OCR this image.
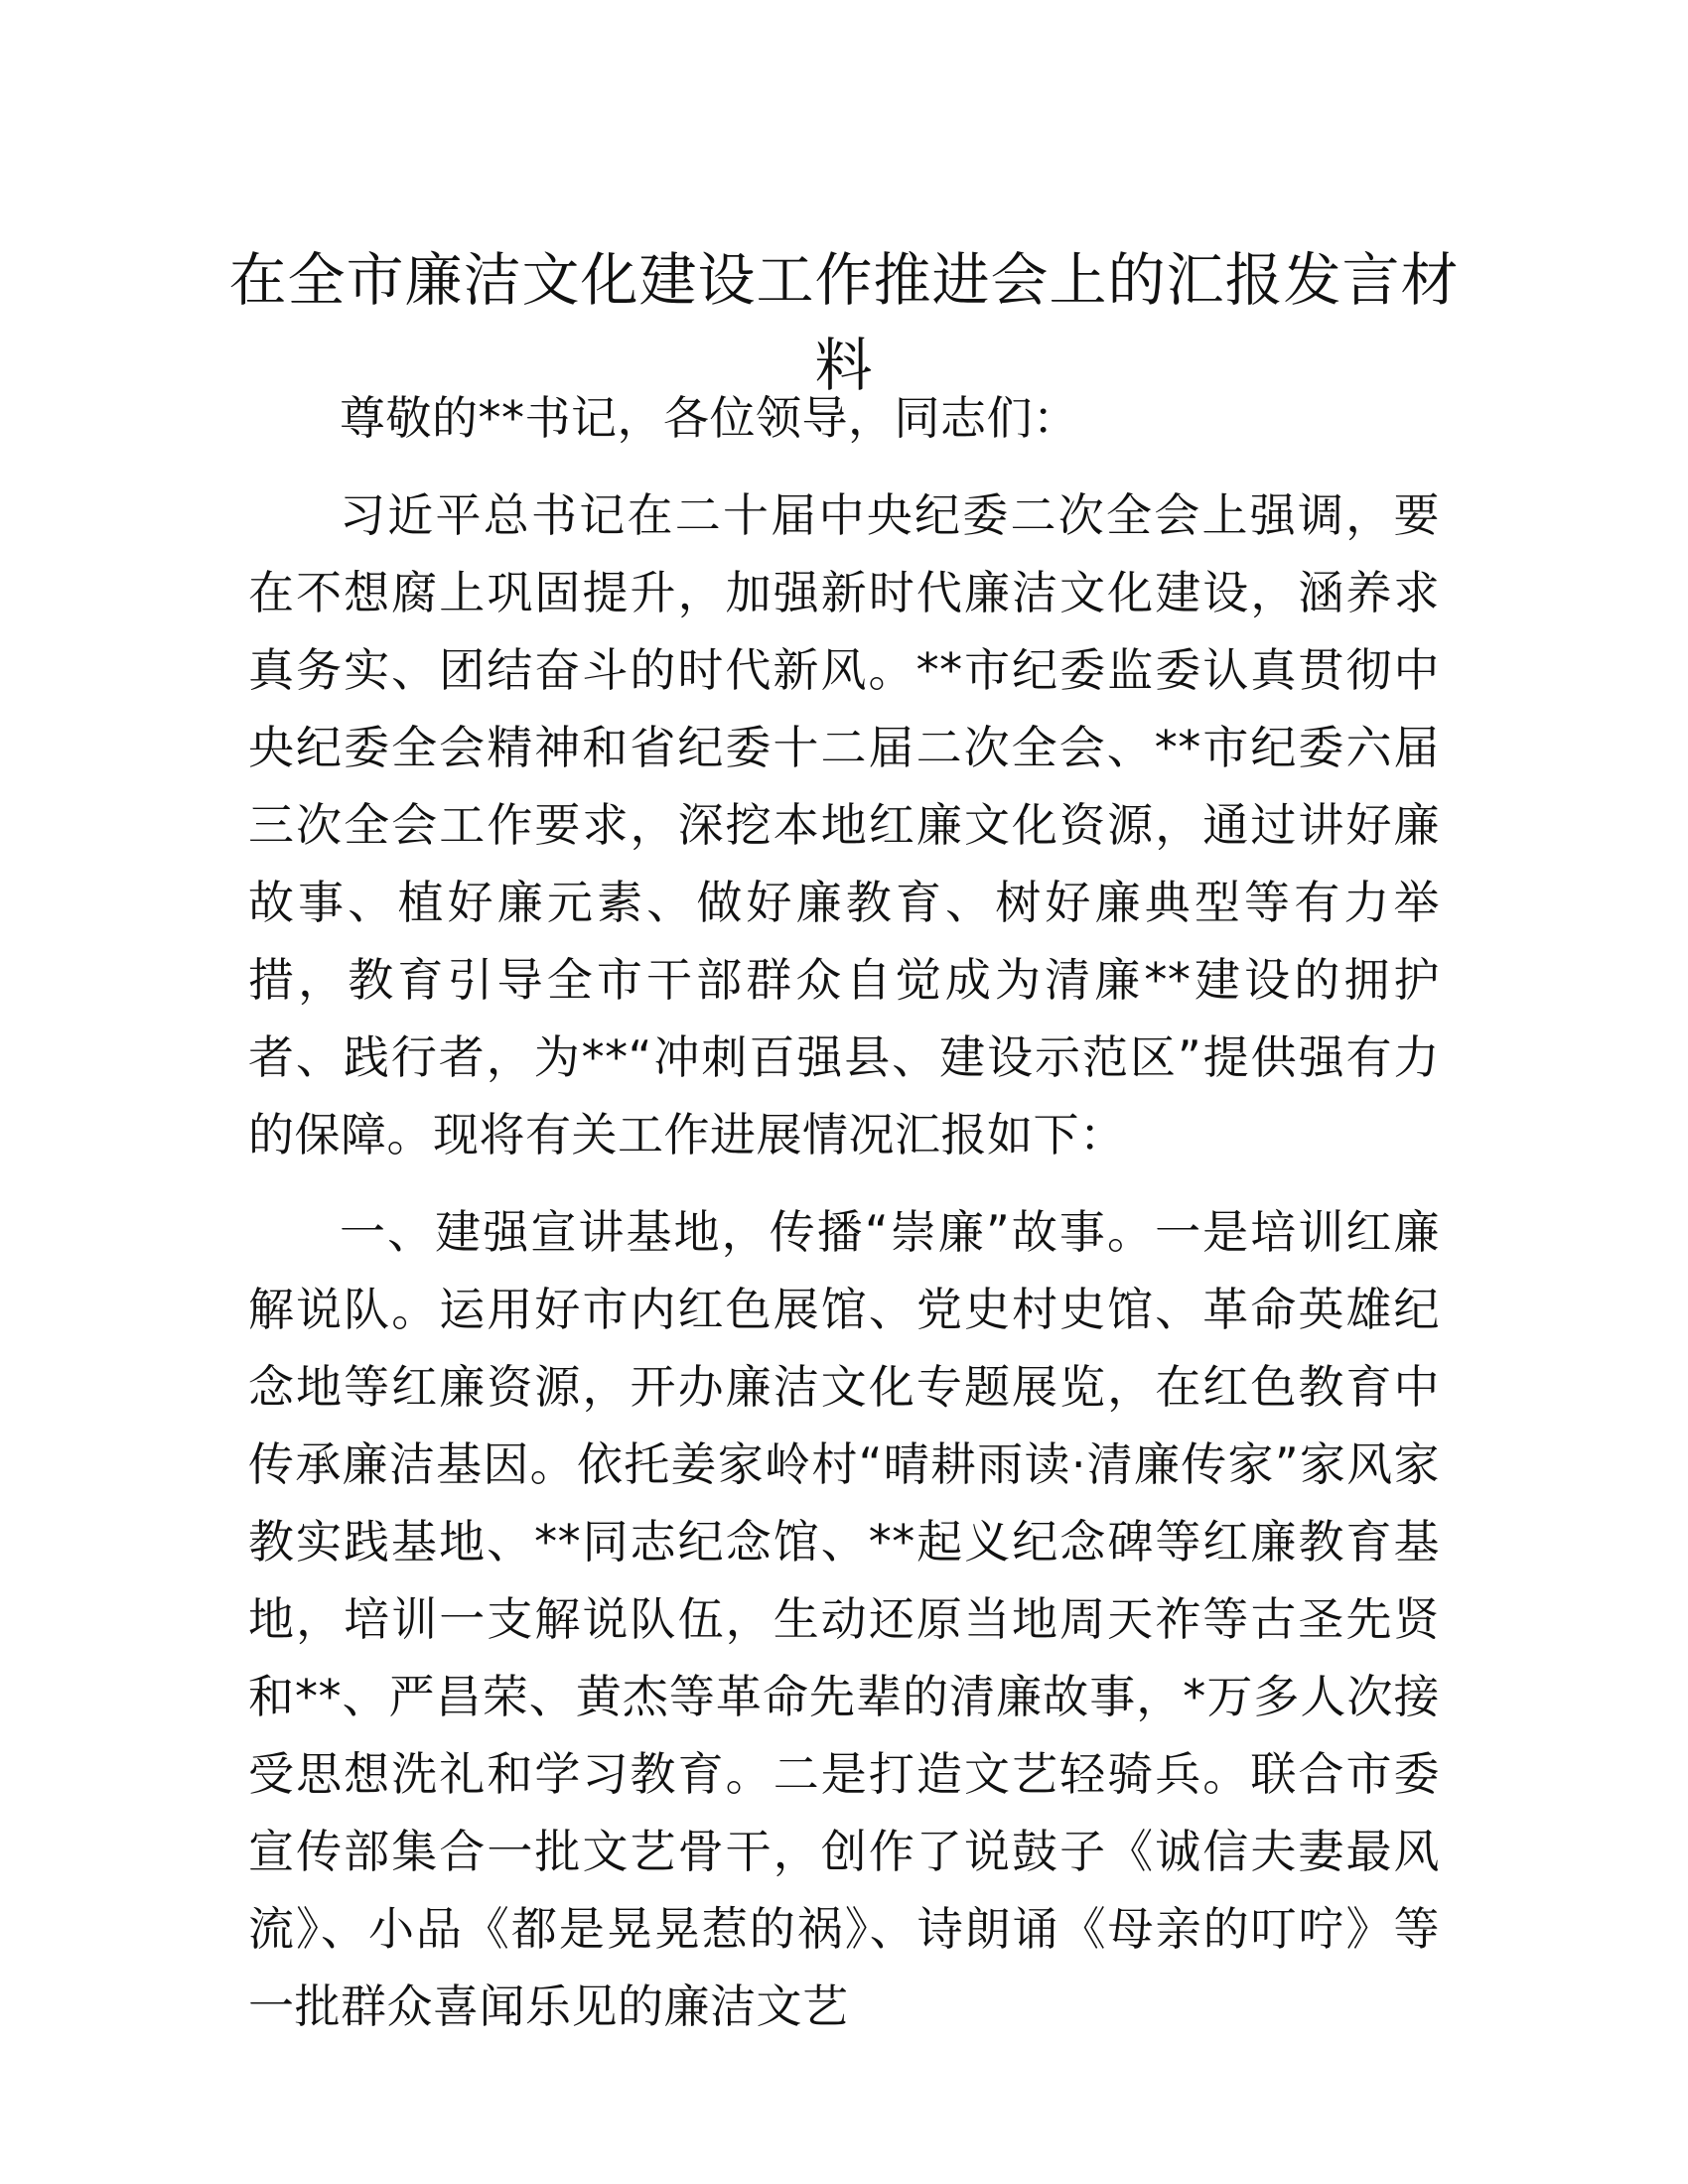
在全市廉洁文化建设工作推进会上的汇报发言材料

尊敬的**书记，各位领导，同志们：

习近平总书记在二十届中央纪委二次全会上强调，要在不想腐上巩固提升，加强新时代廉洁文化建设，涵养求真务实、团结奋斗的时代新风。**市纪委监委认真贯彻中央纪委全会精神和省纪委十二届二次全会、**市纪委六届三次全会工作要求，深挖本地红廉文化资源，通过讲好廉故事、植好廉元素、做好廉教育、树好廉典型等有力举措，教育引导全市干部群众自觉成为清廉**建设的拥护者、践行者，为**“冲刺百强县、建设示范区”提供强有力的保障。现将有关工作进展情况汇报如下：

一、建强宣讲基地，传播“崇廉”故事。一是培训红廉解说队。运用好市内红色展馆、党史村史馆、革命英雄纪念地等红廉资源，开办廉洁文化专题展览，在红色教育中传承廉洁基因。依托姜家岭村“晴耕雨读·清廉传家”家风家教实践基地、**同志纪念馆、**起义纪念碑等红廉教育基地，培训一支解说队伍，生动还原当地周天祚等古圣先贤和**、严昌荣、黄杰等革命先辈的清廉故事，*万多人次接受思想洗礼和学习教育。二是打造文艺轻骑兵。联合市委宣传部集合一批文艺骨干，创作了说鼓子《诚信夫妻最风流》、小品《都是晃晃惹的祸》、诗朗诵《母亲的叮咛》等一批群众喜闻乐见的廉洁文艺
